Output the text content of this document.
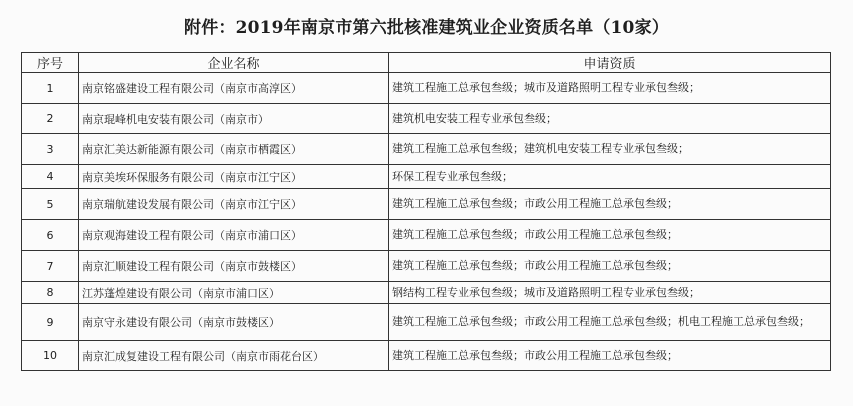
附件：2019年南京市第六批核准建筑业企业资质名单（10家）
序号	企业名称	申请资质
1	南京铭盛建设工程有限公司（南京市高淳区）	建筑工程施工总承包叁级；城市及道路照明工程专业承包叁级；
2	南京琨峰机电安装有限公司（南京市）	建筑机电安装工程专业承包叁级；
3	南京汇美达新能源有限公司（南京市栖霞区）	建筑工程施工总承包叁级；建筑机电安装工程专业承包叁级；
4	南京美埃环保服务有限公司（南京市江宁区）	环保工程专业承包叁级；
5	南京瑞航建设发展有限公司（南京市江宁区）	建筑工程施工总承包叁级；市政公用工程施工总承包叁级；
6	南京观海建设工程有限公司（南京市浦口区）	建筑工程施工总承包叁级；市政公用工程施工总承包叁级；
7	南京汇顺建设工程有限公司（南京市鼓楼区）	建筑工程施工总承包叁级；市政公用工程施工总承包叁级；
8	江苏蓬煌建设有限公司（南京市浦口区）	钢结构工程专业承包叁级；城市及道路照明工程专业承包叁级；
9	南京守永建设有限公司（南京市鼓楼区）	建筑工程施工总承包叁级；市政公用工程施工总承包叁级；机电工程施工总承包叁级；
10	南京汇成复建设工程有限公司（南京市雨花台区）	建筑工程施工总承包叁级；市政公用工程施工总承包叁级；
